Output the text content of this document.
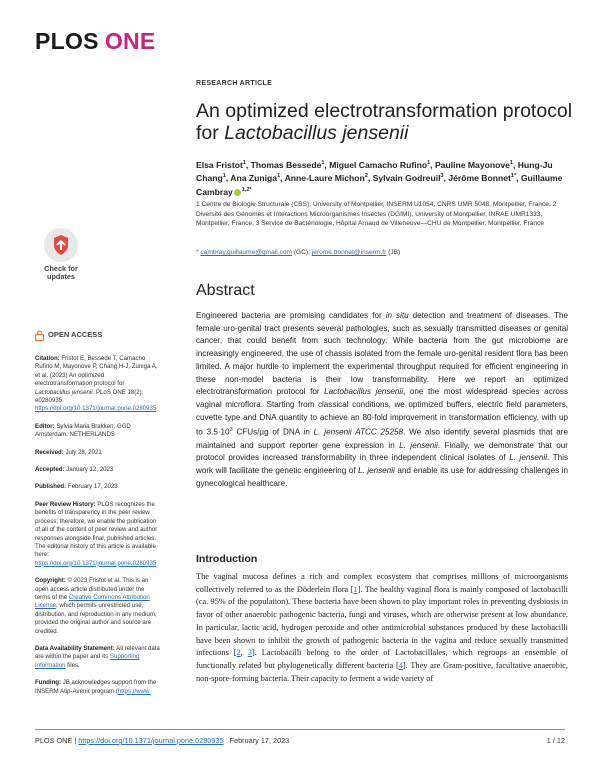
PLOS ONE
RESEARCH ARTICLE
An optimized electrotransformation protocol
for Lactobacillus jensenii
Elsa Fristot$^1$, Thomas Bessede$^1$, Miguel Camacho Rufino$^1$, Pauline Mayonove$^1$, Hung-Ju Chang$^1$, Ana Zuniga$^1$, Anne-Laure Michon$^2$, Sylvain Godreuil$^3$, Jérôme Bonnet$^{1*}$, Guillaume Cambray $^{1,2*}$
1 Centre de Biologie Structurale (CBS), University of Montpellier, INSERM U1054, CNRS UMR 5048, Montpellier, France, 2 Diversité des Génomes et Interactions Microorganismes Insectes (DGIMI), University of Montpellier, INRAE UMR1333, Montpellier, France, 3 Service de Bactériologie, Hôpital Arnaud de Villeneuve—CHU de Montpellier, Montpellier, France
* cambray.guillaume@gmail.com (GC); jerome.bonnet@inserm.fr (JB)
Check for
updates

OPEN ACCESS

Citation: Fristot E, Bessede T, Camacho Rufino M, Mayonove P, Chang H-J, Zuniga A, et al. (2023) An optimized electrotransformation protocol for Lactobacillus jensenii. PLoS ONE 18(2): e0280935. https://doi.org/10.1371/journal.pone.0280935

Editor: Sylvia Maria Brakken, GGD Amsterdam, NETHERLANDS

Received: July 28, 2021

Accepted: January 12, 2023

Published: February 17, 2023

Peer Review History: PLOS recognizes the benefits of transparency in the peer review process; therefore, we enable the publication of all of the content of peer review and author responses alongside final, published articles. The editorial history of this article is available here: https://doi.org/10.1371/journal.pone.0280935

Copyright: © 2023 Fristot et al. This is an open access article distributed under the terms of the Creative Commons Attribution License, which permits unrestricted use, distribution, and reproduction in any medium, provided the original author and source are credited.

Data Availability Statement: All relevant data are within the paper and its Supporting Information files.

Funding: JB acknowledges support from the INSERM Atip-Avenir program (https://www.

Abstract

Engineered bacteria are promising candidates for in situ detection and treatment of diseases. The female uro-genital tract presents several pathologies, such as sexually transmitted diseases or genital cancer, that could benefit from such technology. While bacteria from the gut microbiome are increasingly engineered, the use of chassis isolated from the female uro-genital resident flora has been limited. A major hurdle to implement the experimental throughput required for efficient engineering in these non-model bacteria is their low transformability. Here we report an optimized electrotransformation protocol for Lactobacillus jensenii, one the most widespread species across vaginal microflora. Starting from classical conditions, we optimized buffers, electric field parameters, cuvette type and DNA quantity to achieve an 80-fold improvement in transformation efficiency, with up to $3.5\cdot 10^3$ CFUs/µg of DNA in L. jensenii ATCC 25258. We also identify several plasmids that are maintained and support reporter gene expression in L. jensenii. Finally, we demonstrate that our protocol provides increased transformability in three independent clinical isolates of L. jensenii. This work will facilitate the genetic engineering of L. jensenii and enable its use for addressing challenges in gynecological healthcare.

Introduction

The vaginal mucosa defines a rich and complex ecosystem that comprises millions of microorganisms collectively referred to as the Döderlein flora [1]. The healthy vaginal flora is mainly composed of lactobacilli (ca. 95% of the population). These bacteria have been shown to play important roles in preventing dysbiosis in favor of other anaerobic pathogenic bacteria, fungi and viruses, which are otherwise present at low abundance. In particular, lactic acid, hydrogen peroxide and other antimicrobial substances produced by these lactobacilli have been shown to inhibit the growth of pathogenic bacteria in the vagina and reduce sexually transmitted infections [2, 3]. Lactobacilli belong to the order of Lactobacillales, which regroups an ensemble of functionally related but phylogenetically different bacteria [4]. They are Gram-positive, facultative anaerobic, non-spore-forming bacteria. Their capacity to ferment a wide variety of

PLOS ONE | https://doi.org/10.1371/journal.pone.0280935 February 17, 2023	1 / 12
